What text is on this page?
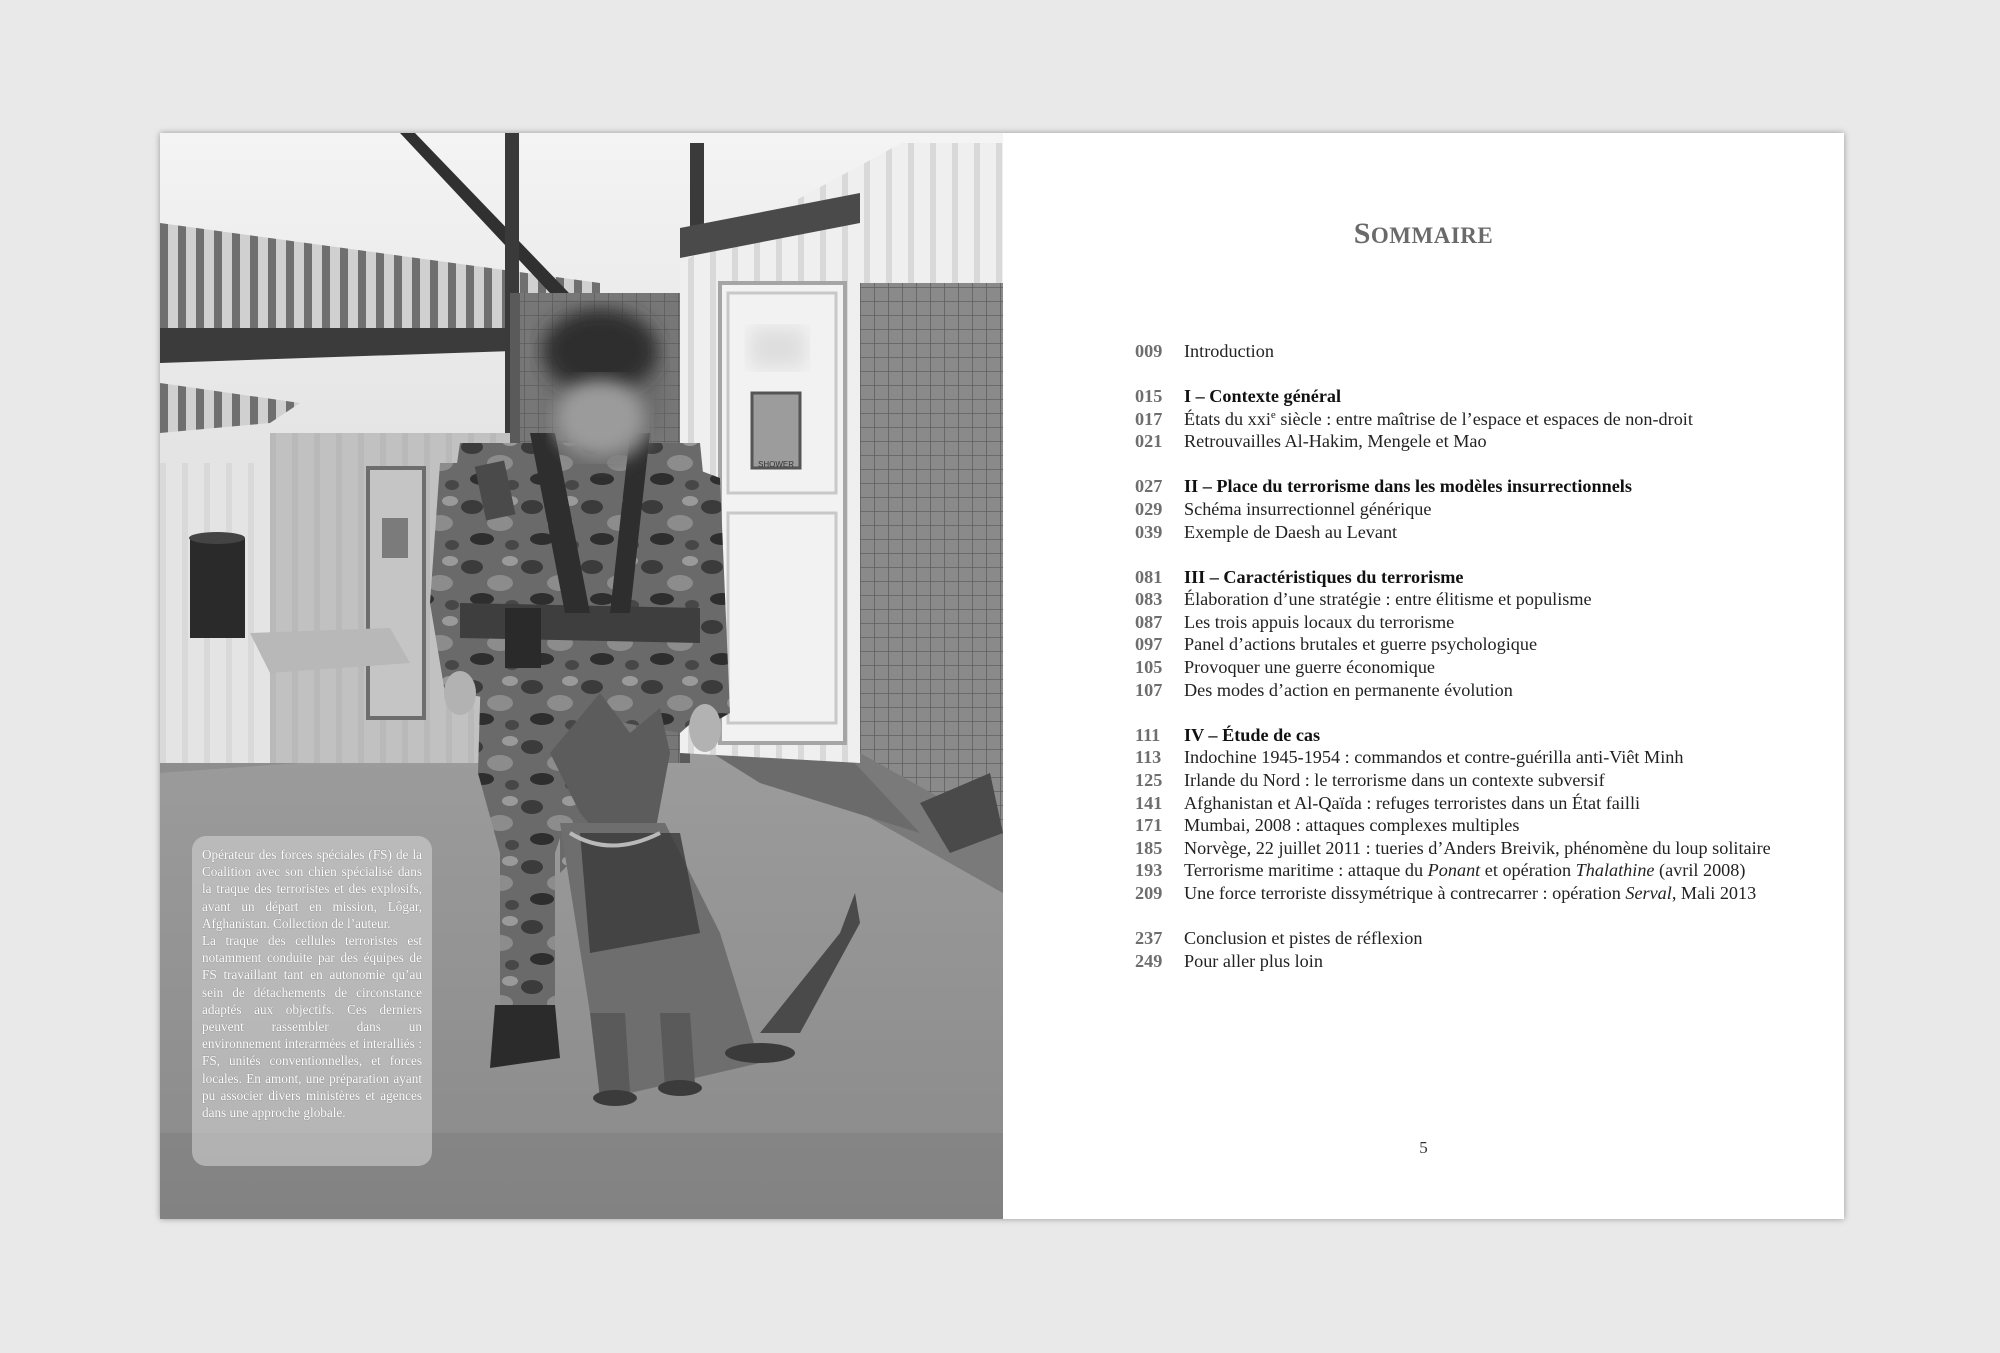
SHOWER

Opérateur des forces spéciales (FS) de la Coalition avec son chien spécialisé dans la traque des terroristes et des explosifs, avant un départ en mission, Lôgar, Afghanistan. Collection de l’auteur.

La traque des cellules terroristes est notamment conduite par des équipes de FS travaillant tant en autonomie qu’au sein de détachements de circonstance adaptés aux objectifs. Ces derniers peuvent rassembler dans un environnement interarmées et interalliés : FS, unités conventionnelles, et forces locales. En amont, une préparation ayant pu associer divers ministères et agences dans une approche globale.

SOMMAIRE
009	Introduction
015	I – Contexte général
017	États du xxi$^e$ siècle : entre maîtrise de l’espace et espaces de non-droit
021	Retrouvailles Al-Hakim, Mengele et Mao
027	II – Place du terrorisme dans les modèles insurrectionnels
029	Schéma insurrectionnel générique
039	Exemple de Daesh au Levant
081	III – Caractéristiques du terrorisme
083	Élaboration d’une stratégie : entre élitisme et populisme
087	Les trois appuis locaux du terrorisme
097	Panel d’actions brutales et guerre psychologique
105	Provoquer une guerre économique
107	Des modes d’action en permanente évolution
111	IV – Étude de cas
113	Indochine 1945-1954 : commandos et contre-guérilla anti-Viêt Minh
125	Irlande du Nord : le terrorisme dans un contexte subversif
141	Afghanistan et Al-Qaïda : refuges terroristes dans un État failli
171	Mumbai, 2008 : attaques complexes multiples
185	Norvège, 22 juillet 2011 : tueries d’Anders Breivik, phénomène du loup solitaire
193	Terrorisme maritime : attaque du Ponant et opération Thalathine (avril 2008)
209	Une force terroriste dissymétrique à contrecarrer : opération Serval, Mali 2013
237	Conclusion et pistes de réflexion
249	Pour aller plus loin
5
